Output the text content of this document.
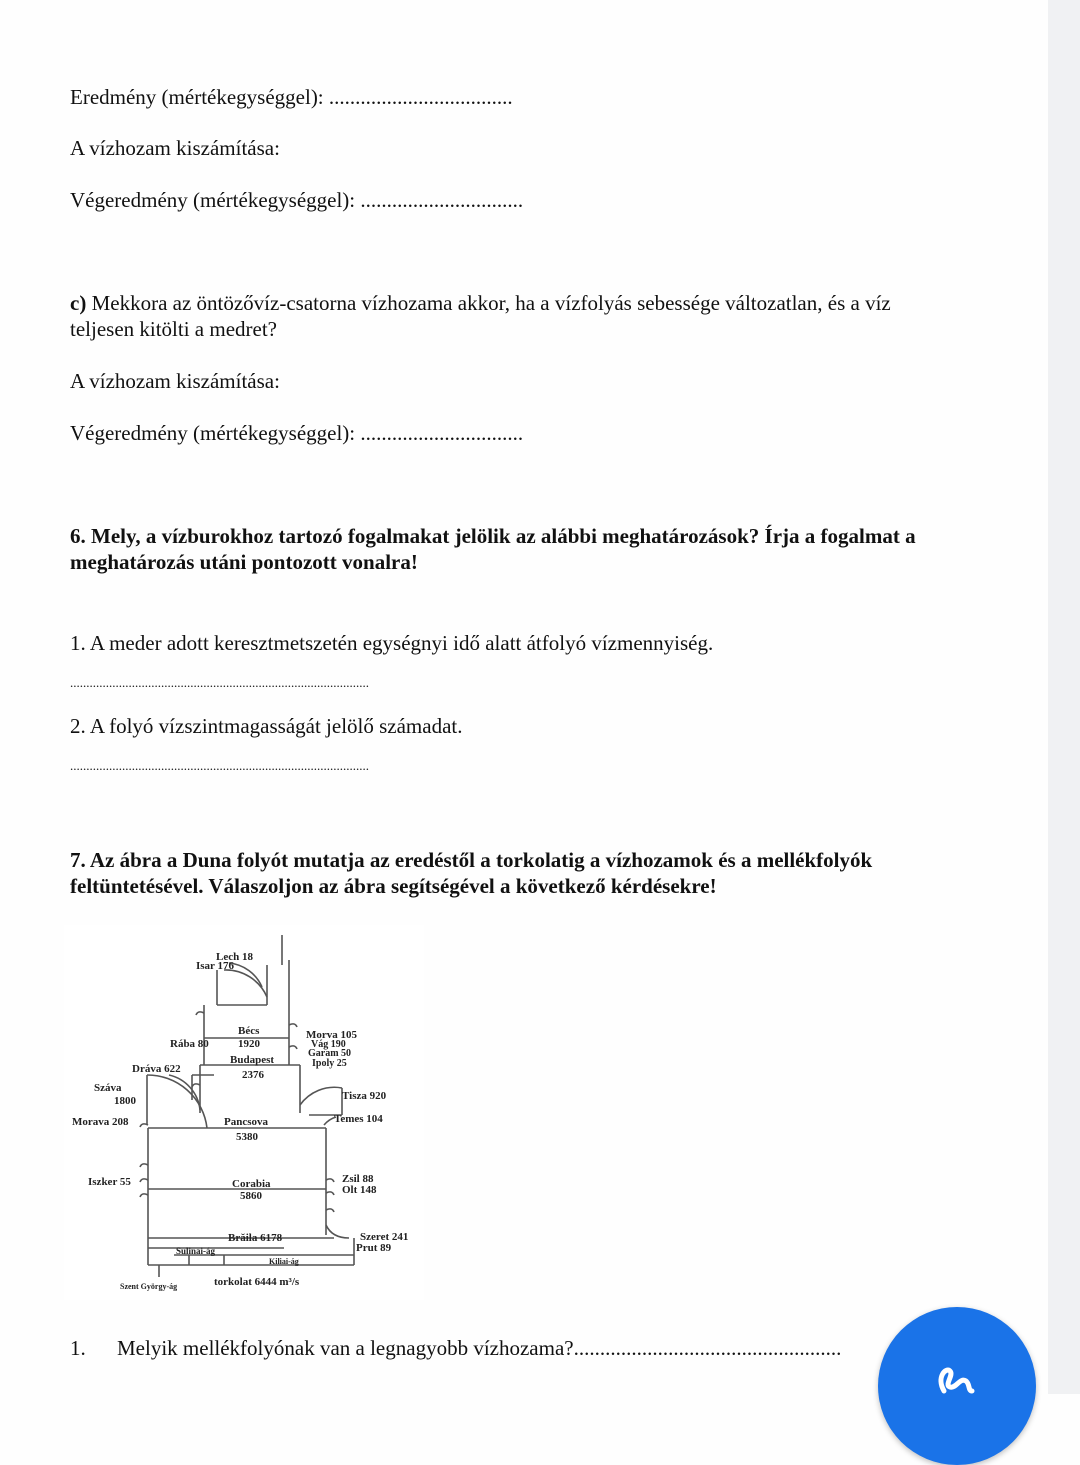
Eredmény (mértékegységgel): ...................................
A vízhozam kiszámítása:
Végeredmény (mértékegységgel): ...............................
c) Mekkora az öntözővíz-csatorna vízhozama akkor, ha a vízfolyás sebessége változatlan, és a víz teljesen kitölti a medret?
A vízhozam kiszámítása:
Végeredmény (mértékegységgel): ...............................
6. Mely, a vízburokhoz tartozó fogalmakat jelölik az alábbi meghatározások? Írja a fogalmat a meghatározás utáni pontozott vonalra!
1. A meder adott keresztmetszetén egységnyi idő alatt átfolyó vízmennyiség.
............................................................................................
2. A folyó vízszintmagasságát jelölő számadat.
............................................................................................
7. Az ábra a Duna folyót mutatja az eredéstől a torkolatig a vízhozamok és a mellékfolyók feltüntetésével. Válaszoljon az ábra segítségével a következő kérdésekre!
Lech 18
Isar 176
Bécs
1920
Rába 80
Morva 105
Vág 190
Garam 50
Ipoly 25
Budapest
2376
Dráva 622
Száva
1800	Tisza 920
Morava 208	Pancsova
5380
Temes 104
Iszker 55	Corabia
5860
Zsil 88
Olt 148
Brăila 6178	Szeret 241
Prut 89
Sulinai-ág
Kiliai-ág
Szent György-ág	torkolat 6444 m³/s
1. Melyik mellékfolyónak van a legnagyobb vízhozama?...................................................
